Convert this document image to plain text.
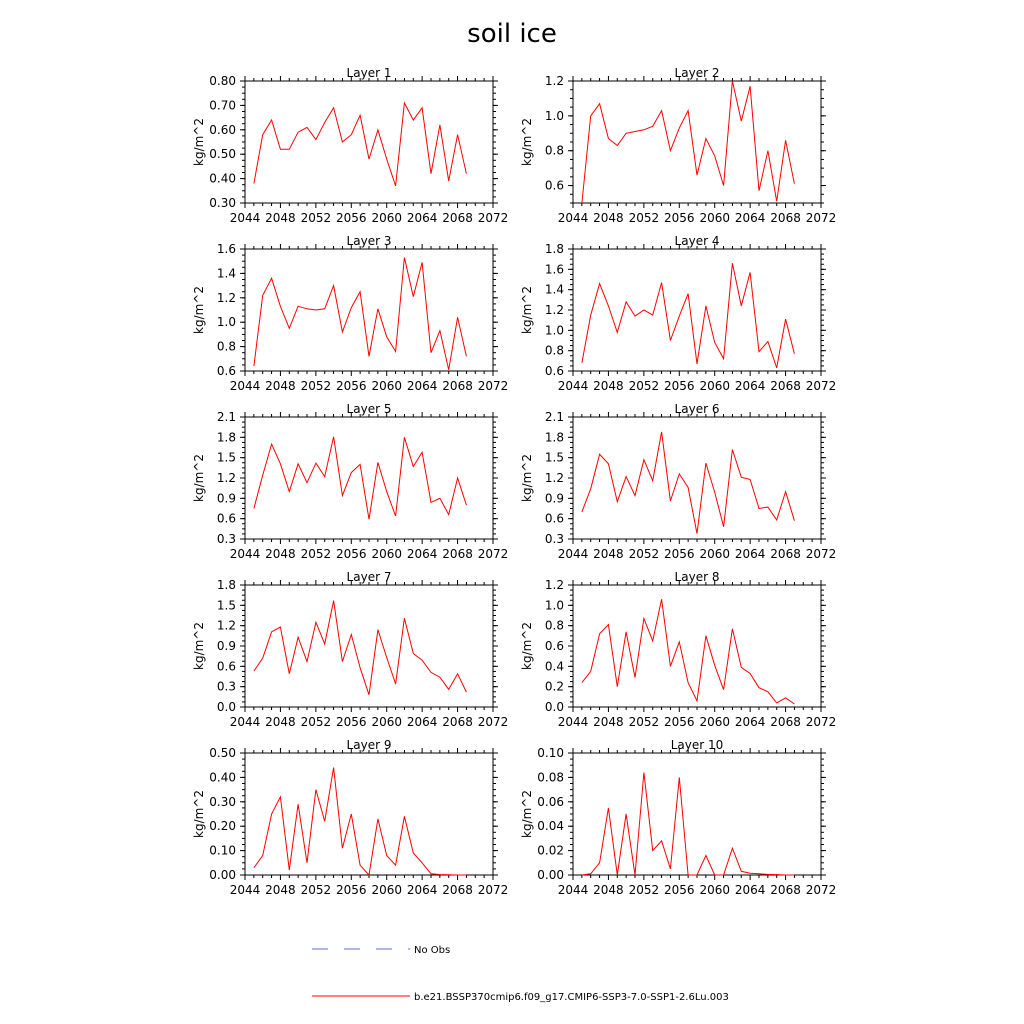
soil ice
Layer 1
2044 2048 2052 2056 2060 2064 2068 2072
0.30
0.40
0.50
0.60
0.70
0.80
kg/m^2
Layer 2
2044 2048 2052 2056 2060 2064 2068 2072
0.6
0.8
1.0
1.2
kg/m^2
Layer 3
2044 2048 2052 2056 2060 2064 2068 2072
0.6
0.8
1.0
1.2
1.4
1.6
kg/m^2
Layer 4
2044 2048 2052 2056 2060 2064 2068 2072
0.6
0.8
1.0
1.2
1.4
1.6
1.8
kg/m^2
Layer 5
2044 2048 2052 2056 2060 2064 2068 2072
0.3
0.6
0.9
1.2
1.5
1.8
2.1
kg/m^2
Layer 6
2044 2048 2052 2056 2060 2064 2068 2072
0.3
0.6
0.9
1.2
1.5
1.8
2.1
kg/m^2
Layer 7
2044 2048 2052 2056 2060 2064 2068 2072
0.0
0.3
0.6
0.9
1.2
1.5
1.8
kg/m^2
Layer 8
2044 2048 2052 2056 2060 2064 2068 2072
0.0
0.2
0.4
0.6
0.8
1.0
1.2
kg/m^2
Layer 9
2044 2048 2052 2056 2060 2064 2068 2072
0.00
0.10
0.20
0.30
0.40
0.50
kg/m^2
Layer 10
2044 2048 2052 2056 2060 2064 2068 2072
0.00
0.02
0.04
0.06
0.08
0.10
kg/m^2
No Obs
b.e21.BSSP370cmip6.f09_g17.CMIP6-SSP3-7.0-SSP1-2.6Lu.003
